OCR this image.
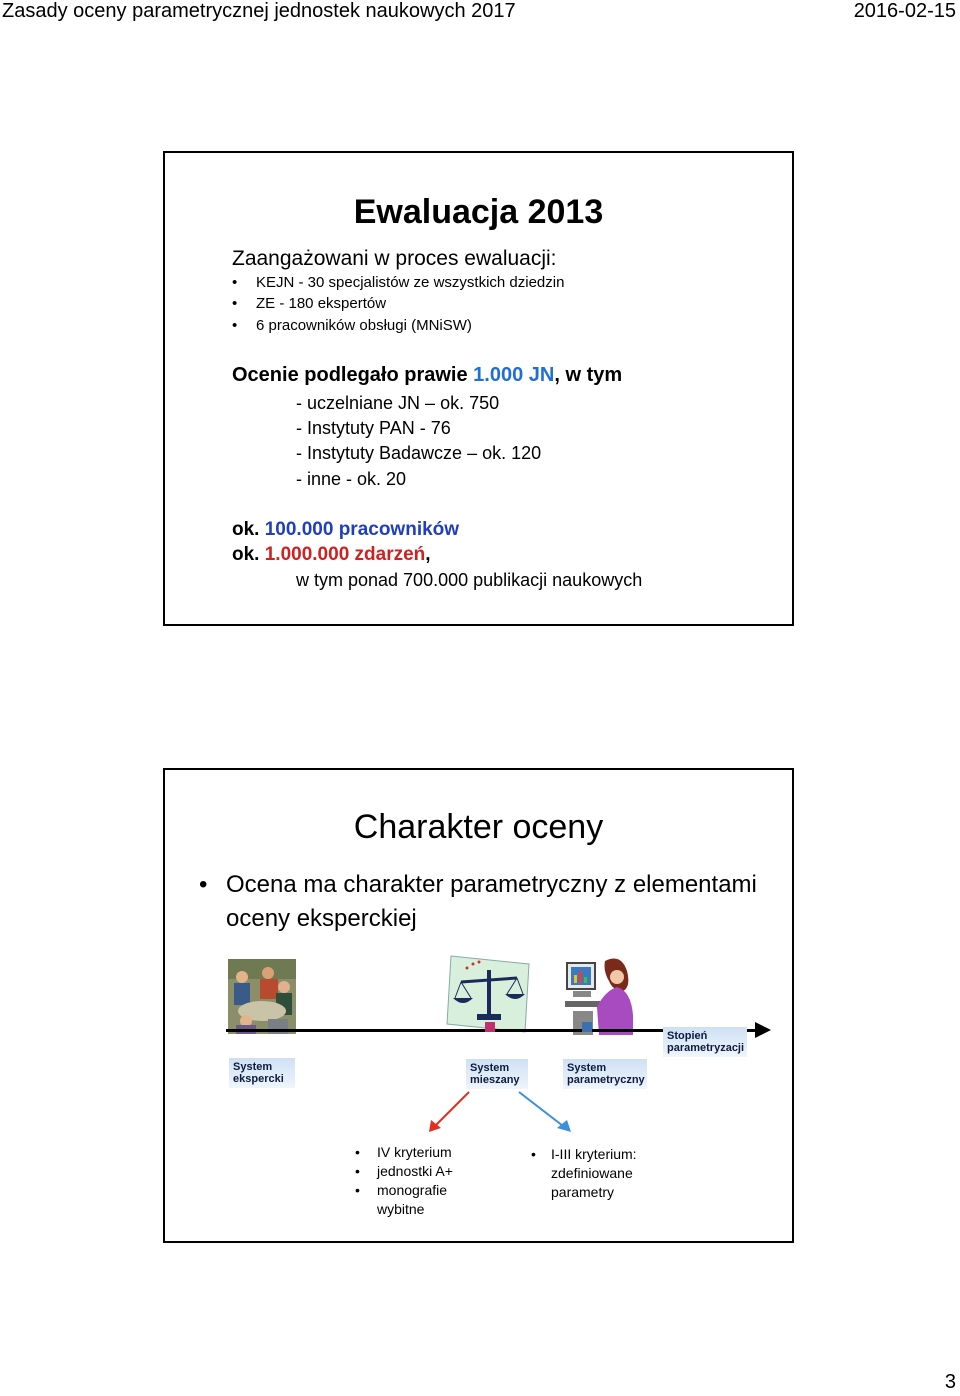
Zasady oceny parametrycznej jednostek naukowych 2017	2016-02-15
Ewaluacja 2013
Zaangażowani w proces ewaluacji:
• KEJN - 30 specjalistów ze wszystkich dziedzin
• ZE - 180 ekspertów
• 6 pracowników obsługi (MNiSW)
Ocenie podlegało prawie 1.000 JN, w tym
- uczelniane JN – ok. 750
- Instytuty PAN - 76
- Instytuty Badawcze – ok. 120
- inne - ok. 20
ok. 100.000 pracowników
ok. 1.000.000 zdarzeń,
w tym ponad 700.000 publikacji naukowych
Charakter oceny
• Ocena ma charakter parametryczny z elementami oceny eksperckiej
System ekspercki
System mieszany
System parametryczny
Stopień parametryzacji
• IV kryterium
• jednostki A+
• monografie wybitne
•	I-III kryterium: zdefiniowane parametry
3
